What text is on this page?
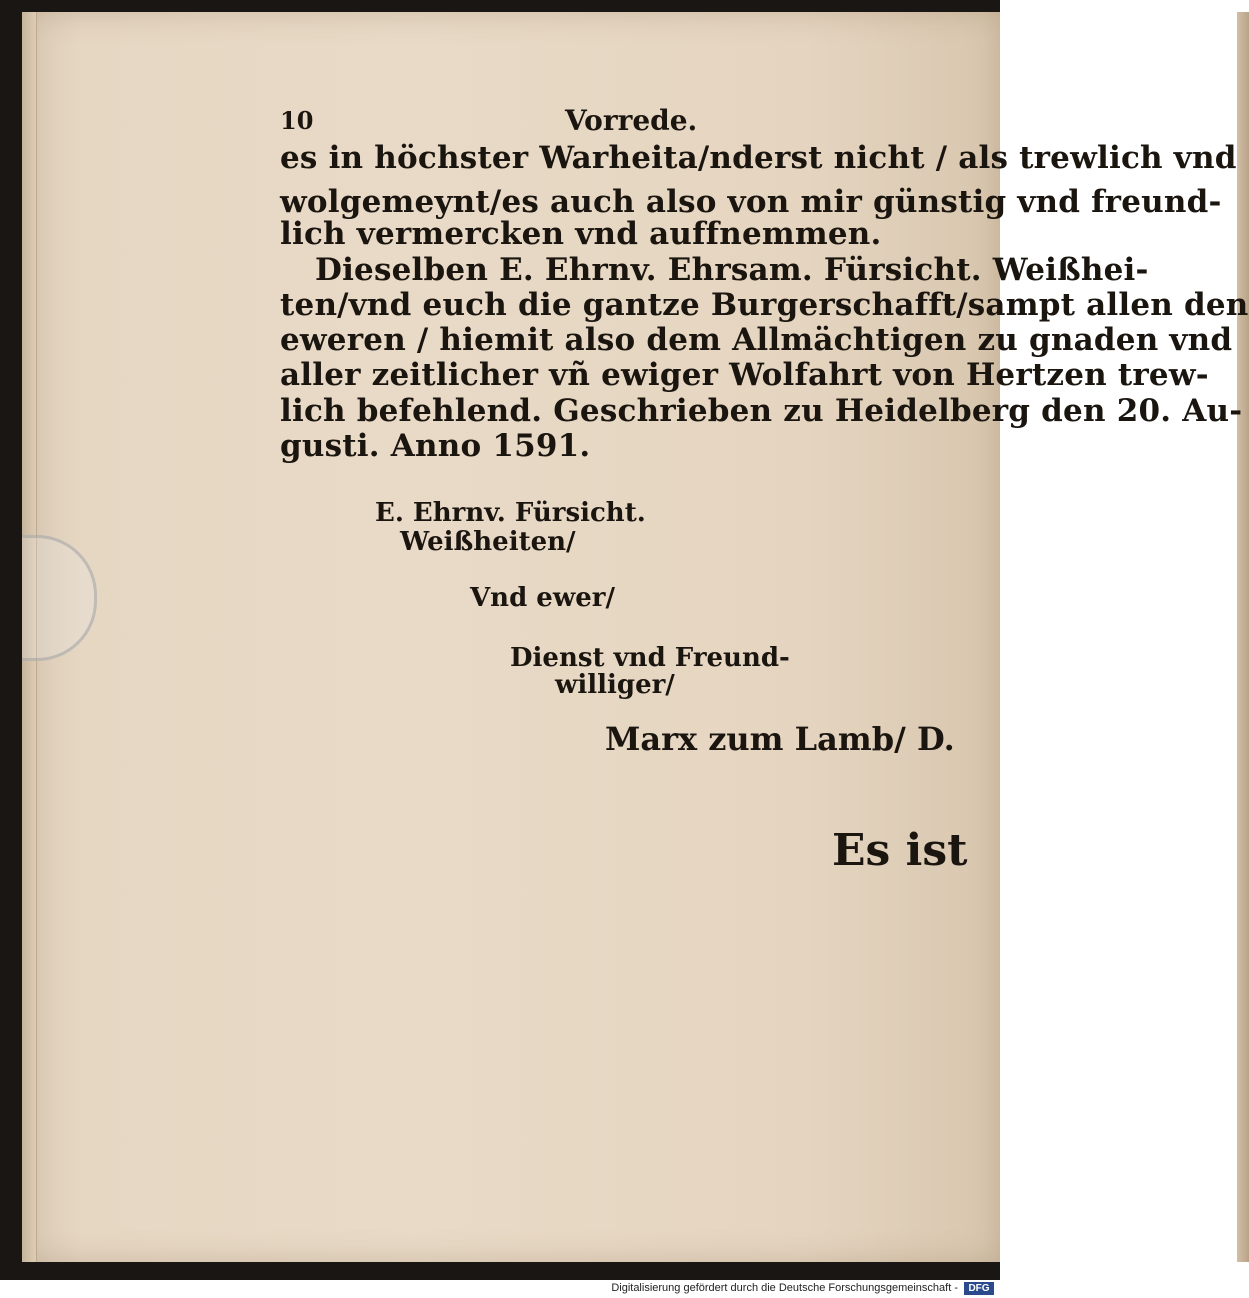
10	Vorrede.
es in höchster Warheita/nderst nicht / als trewlich vnd
wolgemeynt/es auch also von mir günstig vnd freund-
lich vermercken vnd auffnemmen.
Dieselben E. Ehrnv. Ehrsam. Fürsicht. Weißhei-
ten/vnd euch die gantze Burgerschafft/sampt allen den
eweren / hiemit also dem Allmächtigen zu gnaden vnd
aller zeitlicher vñ ewiger Wolfahrt von Hertzen trew-
lich befehlend. Geschrieben zu Heidelberg den 20. Au-
gusti. Anno 1591.
E. Ehrnv. Fürsicht.
Weißheiten/
Vnd ewer/
Dienst vnd Freund-
williger/
Marx zum Lamb/ D.
Es ist
Digitalisierung gefördert durch die Deutsche Forschungsgemeinschaft -	DFG
